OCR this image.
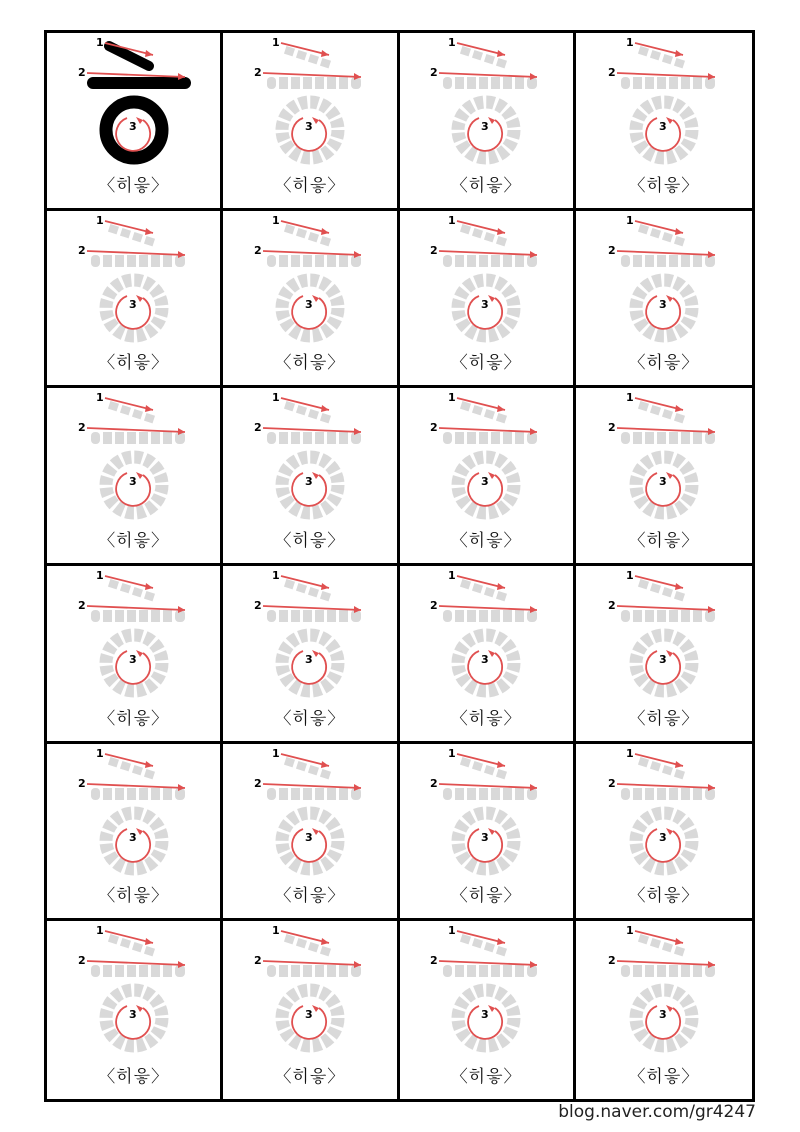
1
2
3
〈히읗〉
1
2
3
〈히읗〉
1
2
3
〈히읗〉
1
2
3
〈히읗〉
1
2
3
〈히읗〉
1
2
3
〈히읗〉
1
2
3
〈히읗〉
1
2
3
〈히읗〉
1
2
3
〈히읗〉
1
2
3
〈히읗〉
1
2
3
〈히읗〉
1
2
3
〈히읗〉
1
2
3
〈히읗〉
1
2
3
〈히읗〉
1
2
3
〈히읗〉
1
2
3
〈히읗〉
1
2
3
〈히읗〉
1
2
3
〈히읗〉
1
2
3
〈히읗〉
1
2
3
〈히읗〉
1
2
3
〈히읗〉
1
2
3
〈히읗〉
1
2
3
〈히읗〉
1
2
3
〈히읗〉
blog.naver.com/gr4247
